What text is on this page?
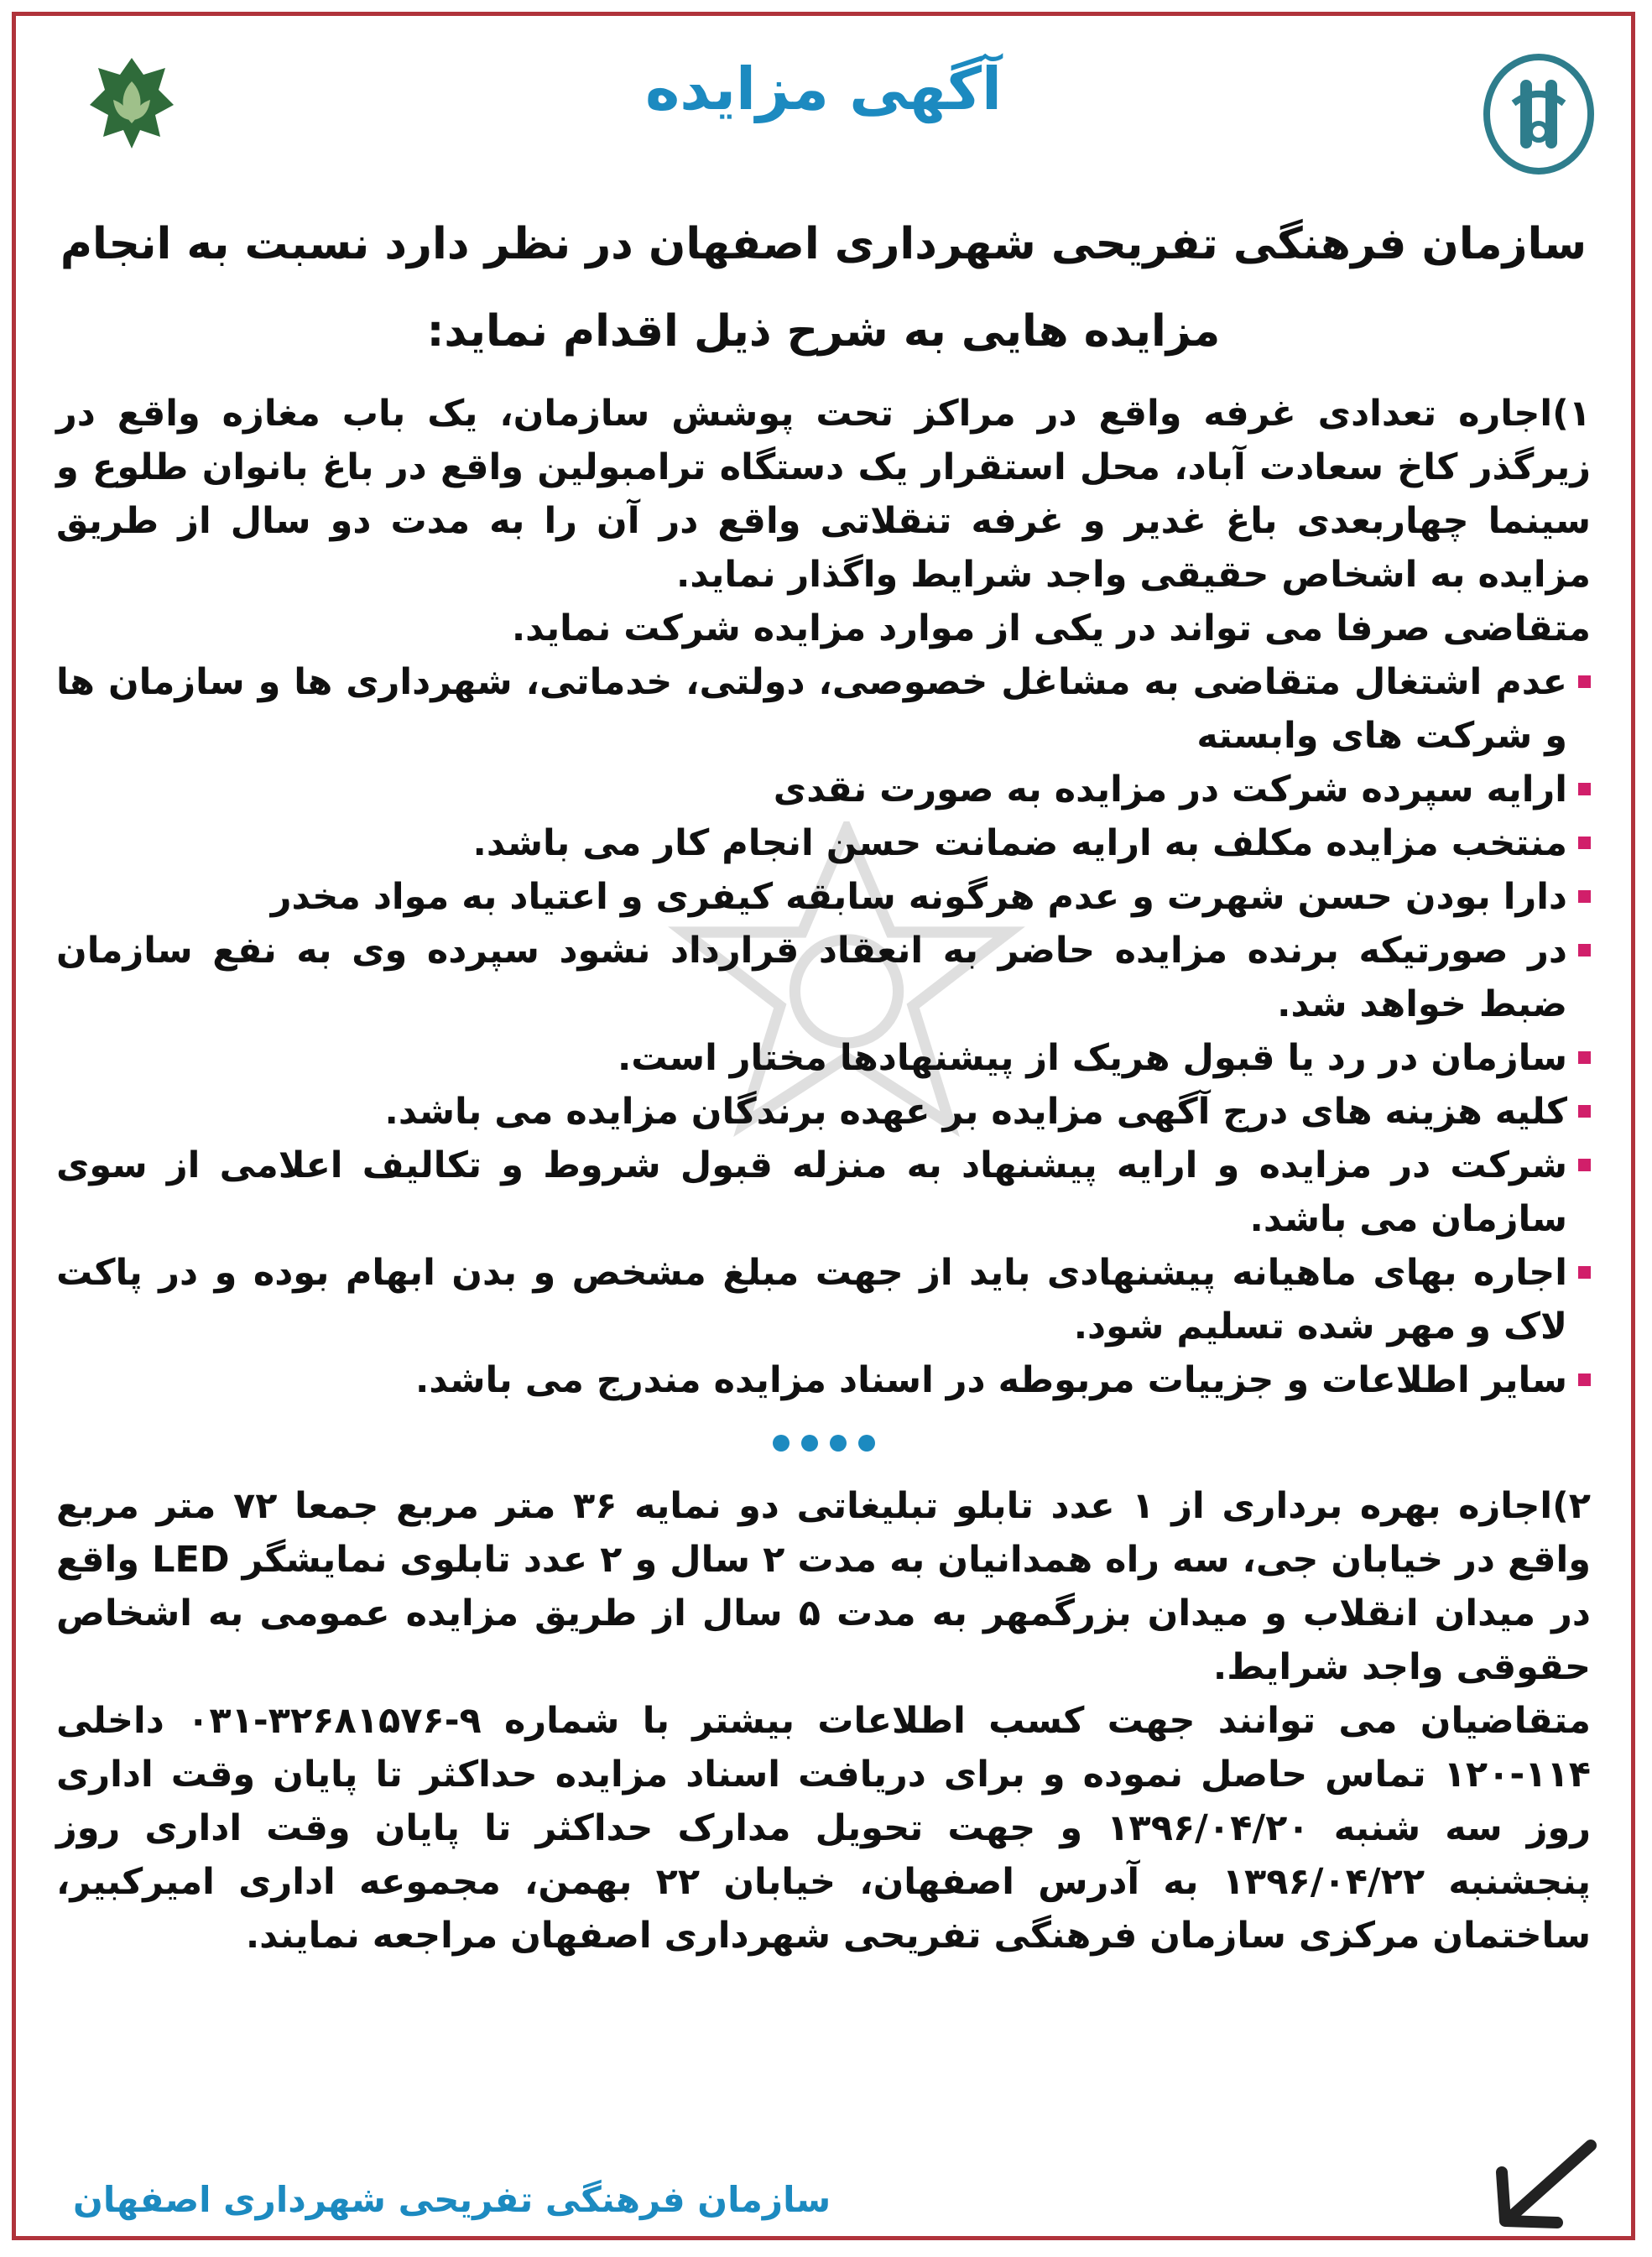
آگهی مزایده

سازمان فرهنگی تفریحی شهرداری اصفهان در نظر دارد نسبت به انجام مزایده هایی به شرح ذیل اقدام نماید:

۱)اجاره تعدادی غرفه واقع در مراکز تحت پوشش سازمان، یک باب مغازه واقع در زیرگذر کاخ سعادت آباد، محل استقرار یک دستگاه ترامبولین واقع در باغ بانوان طلوع و سینما چهاربعدی باغ غدیر و غرفه تنقلاتی واقع در آن را به مدت دو سال از طریق مزایده به اشخاص حقیقی واجد شرایط واگذار نماید.

متقاضی صرفا می تواند در یکی از موارد مزایده شرکت نماید.

عدم اشتغال متقاضی به مشاغل خصوصی، دولتی، خدماتی، شهرداری ها و سازمان ها و شرکت های وابسته
ارایه سپرده شرکت در مزایده به صورت نقدی
منتخب مزایده مکلف به ارایه ضمانت حسن انجام کار می باشد.
دارا بودن حسن شهرت و عدم هرگونه سابقه کیفری و اعتیاد به مواد مخدر
در صورتیکه برنده مزایده حاضر به انعقاد قرارداد نشود سپرده وی به نفع سازمان ضبط خواهد شد.
سازمان در رد یا قبول هریک از پیشنهادها مختار است.
کلیه هزینه های درج آگهی مزایده بر عهده برندگان مزایده می باشد.
شرکت در مزایده و ارایه پیشنهاد به منزله قبول شروط و تکالیف اعلامی از سوی سازمان می باشد.
اجاره بهای ماهیانه پیشنهادی باید از جهت مبلغ مشخص و بدن ابهام بوده و در پاکت لاک و مهر شده تسلیم شود.
سایر اطلاعات و جزییات مربوطه در اسناد مزایده مندرج می باشد.

۲)اجازه بهره برداری از ۱ عدد تابلو تبلیغاتی دو نمایه ۳۶ متر مربع جمعا ۷۲ متر مربع واقع در خیابان جی، سه راه همدانیان به مدت ۲ سال و ۲ عدد تابلوی نمایشگر LED واقع در میدان انقلاب و میدان بزرگمهر به مدت ۵ سال از طریق مزایده عمومی به اشخاص حقوقی واجد شرایط.

متقاضیان می توانند جهت کسب اطلاعات بیشتر با شماره ۹-۳۲۶۸۱۵۷۶-۰۳۱ داخلی ۱۱۴-۱۲۰ تماس حاصل نموده و برای دریافت اسناد مزایده حداکثر تا پایان وقت اداری روز سه شنبه ۱۳۹۶/۰۴/۲۰ و جهت تحویل مدارک حداکثر تا پایان وقت اداری روز پنجشنبه ۱۳۹۶/۰۴/۲۲ به آدرس اصفهان، خیابان ۲۲ بهمن، مجموعه اداری امیرکبیر، ساختمان مرکزی سازمان فرهنگی تفریحی شهرداری اصفهان مراجعه نمایند.

سازمان فرهنگی تفریحی شهرداری اصفهان
